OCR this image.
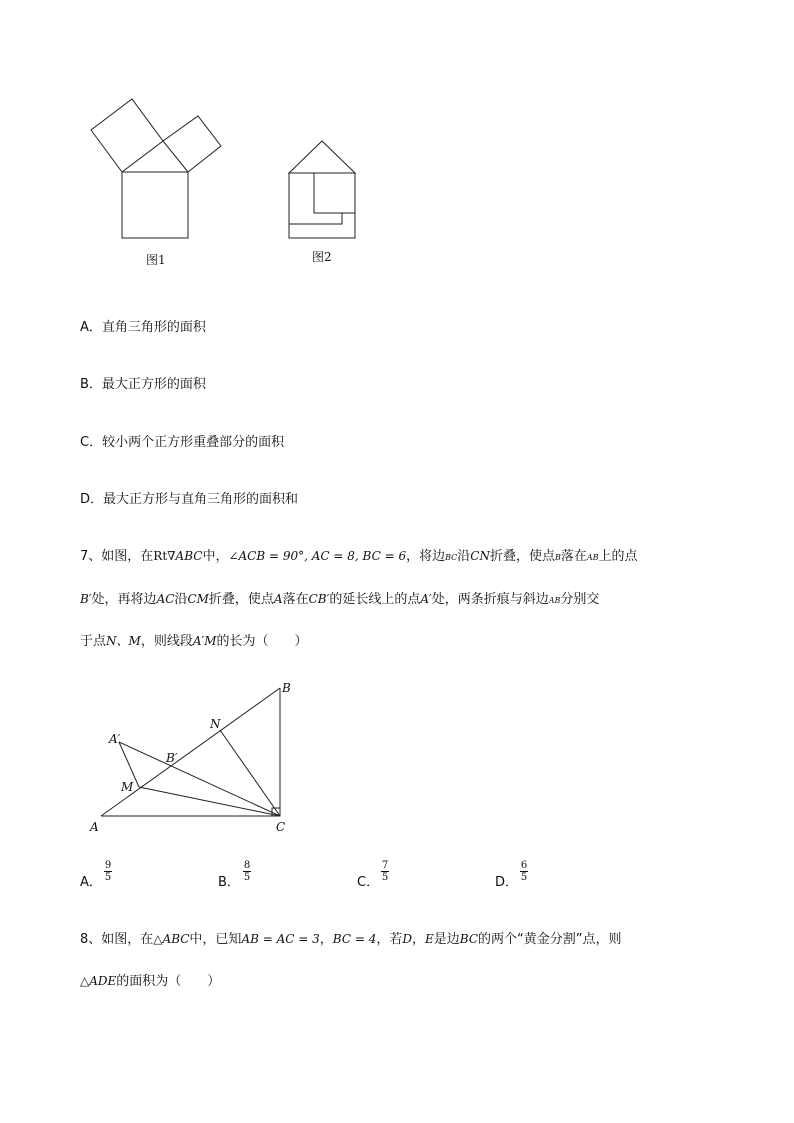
图1	图2
A．直角三角形的面积
B．最大正方形的面积
C．较小两个正方形重叠部分的面积
D．最大正方形与直角三角形的面积和
7、如图，在Rt∇ABC中，∠ACB = 90°, AC = 8, BC = 6，将边BC沿CN折叠，使点B落在AB上的点
B′处，再将边AC沿CM折叠，使点A落在CB′的延长线上的点A′处，两条折痕与斜边AB分别交
于点N、M，则线段A′M的长为（　　）
B
N
A′
B′
M
A	C
A．
9
5	B．
8
5	C．
7
5	D．
6
5
8、如图，在△ABC中，已知AB = AC = 3，BC = 4，若D，E是边BC的两个“黄金分割”点，则
△ADE的面积为（　　）
